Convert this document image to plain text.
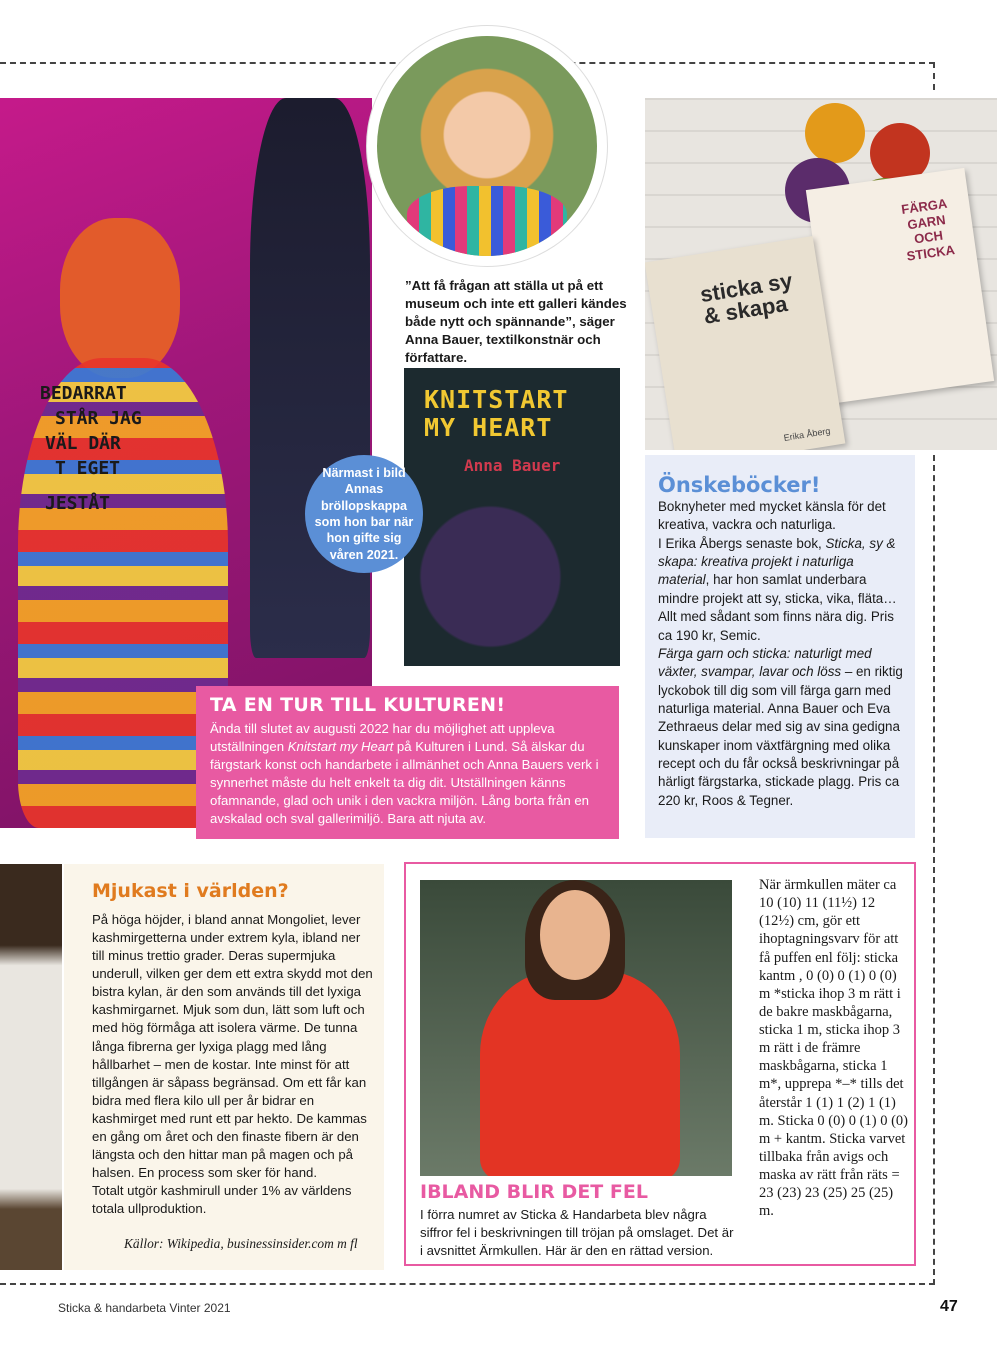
BEDARRAT
STÅR JAG
VÄL DÄR
T EGET
JESTÅT

”Att få frågan att ställa ut på ett museum och inte ett galleri kändes både nytt och spännande”, säger Anna Bauer, textilkonstnär och författare.

KNITSTART MY HEART
Anna Bauer
Närmast i bild Annas bröllopskappa som hon bar när hon gifte sig våren 2021.
TA EN TUR TILL KULTUREN!

Ända till slutet av augusti 2022 har du möjlighet att uppleva utställningen Knitstart my Heart på Kulturen i Lund. Så älskar du färgstark konst och handarbete i allmänhet och Anna Bauers verk i synnerhet måste du helt enkelt ta dig dit. Utställningen känns ofamnande, glad och unik i den vackra miljön. Lång borta från en avskalad och sval gallerimiljö. Bara att njuta av.

FÄRGA GARN OCH STICKA
sticka sy & skapa
Erika Åberg
Önskeböcker!

Boknyheter med mycket känsla för det kreativa, vackra och naturliga.
I Erika Åbergs senaste bok, Sticka, sy & skapa: kreativa projekt i naturliga material, har hon samlat underbara mindre projekt att sy, sticka, vika, fläta… Allt med sådant som finns nära dig. Pris ca 190 kr, Semic.
Färga garn och sticka: naturligt med växter, svampar, lavar och löss – en riktig lyckobok till dig som vill färga garn med naturliga material. Anna Bauer och Eva Zethraeus delar med sig av sina gedigna kunskaper inom växtfärgning med olika recept och du får också beskrivningar på härligt färgstarka, stickade plagg. Pris ca 220 kr, Roos & Tegner.

Mjukast i världen?

På höga höjder, i bland annat Mongoliet, lever kashmirgetterna under extrem kyla, ibland ner till minus trettio grader. Deras supermjuka underull, vilken ger dem ett extra skydd mot den bistra kylan, är den som används till det lyxiga kashmirgarnet. Mjuk som dun, lätt som luft och med hög förmåga att isolera värme. De tunna långa fibrerna ger lyxiga plagg med lång hållbarhet – men de kostar. Inte minst för att tillgången är såpass begränsad. Om ett får kan bidra med flera kilo ull per år bidrar en kashmirget med runt ett par hekto. De kammas en gång om året och den finaste fibern är den längsta och den hittar man på magen och på halsen. En process som sker för hand.
Totalt utgör kashmirull under 1% av världens totala ullproduktion.

Källor: Wikipedia, businessinsider.com m fl
IBLAND BLIR DET FEL

I förra numret av Sticka & Handarbeta blev några siffror fel i beskrivningen till tröjan på omslaget. Det är i avsnittet Ärmkullen. Här är den en rättad version.

När ärmkullen mäter ca 10 (10) 11 (11½) 12 (12½) cm, gör ett ihoptagningsvarv för att få puffen enl följ: sticka kantm , 0 (0) 0 (1) 0 (0) m *sticka ihop 3 m rätt i de bakre maskbågarna, sticka 1 m, sticka ihop 3 m rätt i de främre maskbågarna, sticka 1 m*, upprepa *–* tills det återstår 1 (1) 1 (2) 1 (1) m. Sticka 0 (0) 0 (1) 0 (0) m + kantm. Sticka varvet tillbaka från avigs och maska av rätt från räts = 23 (23) 23 (25) 25 (25) m.

Sticka & handarbeta Vinter 2021	47
